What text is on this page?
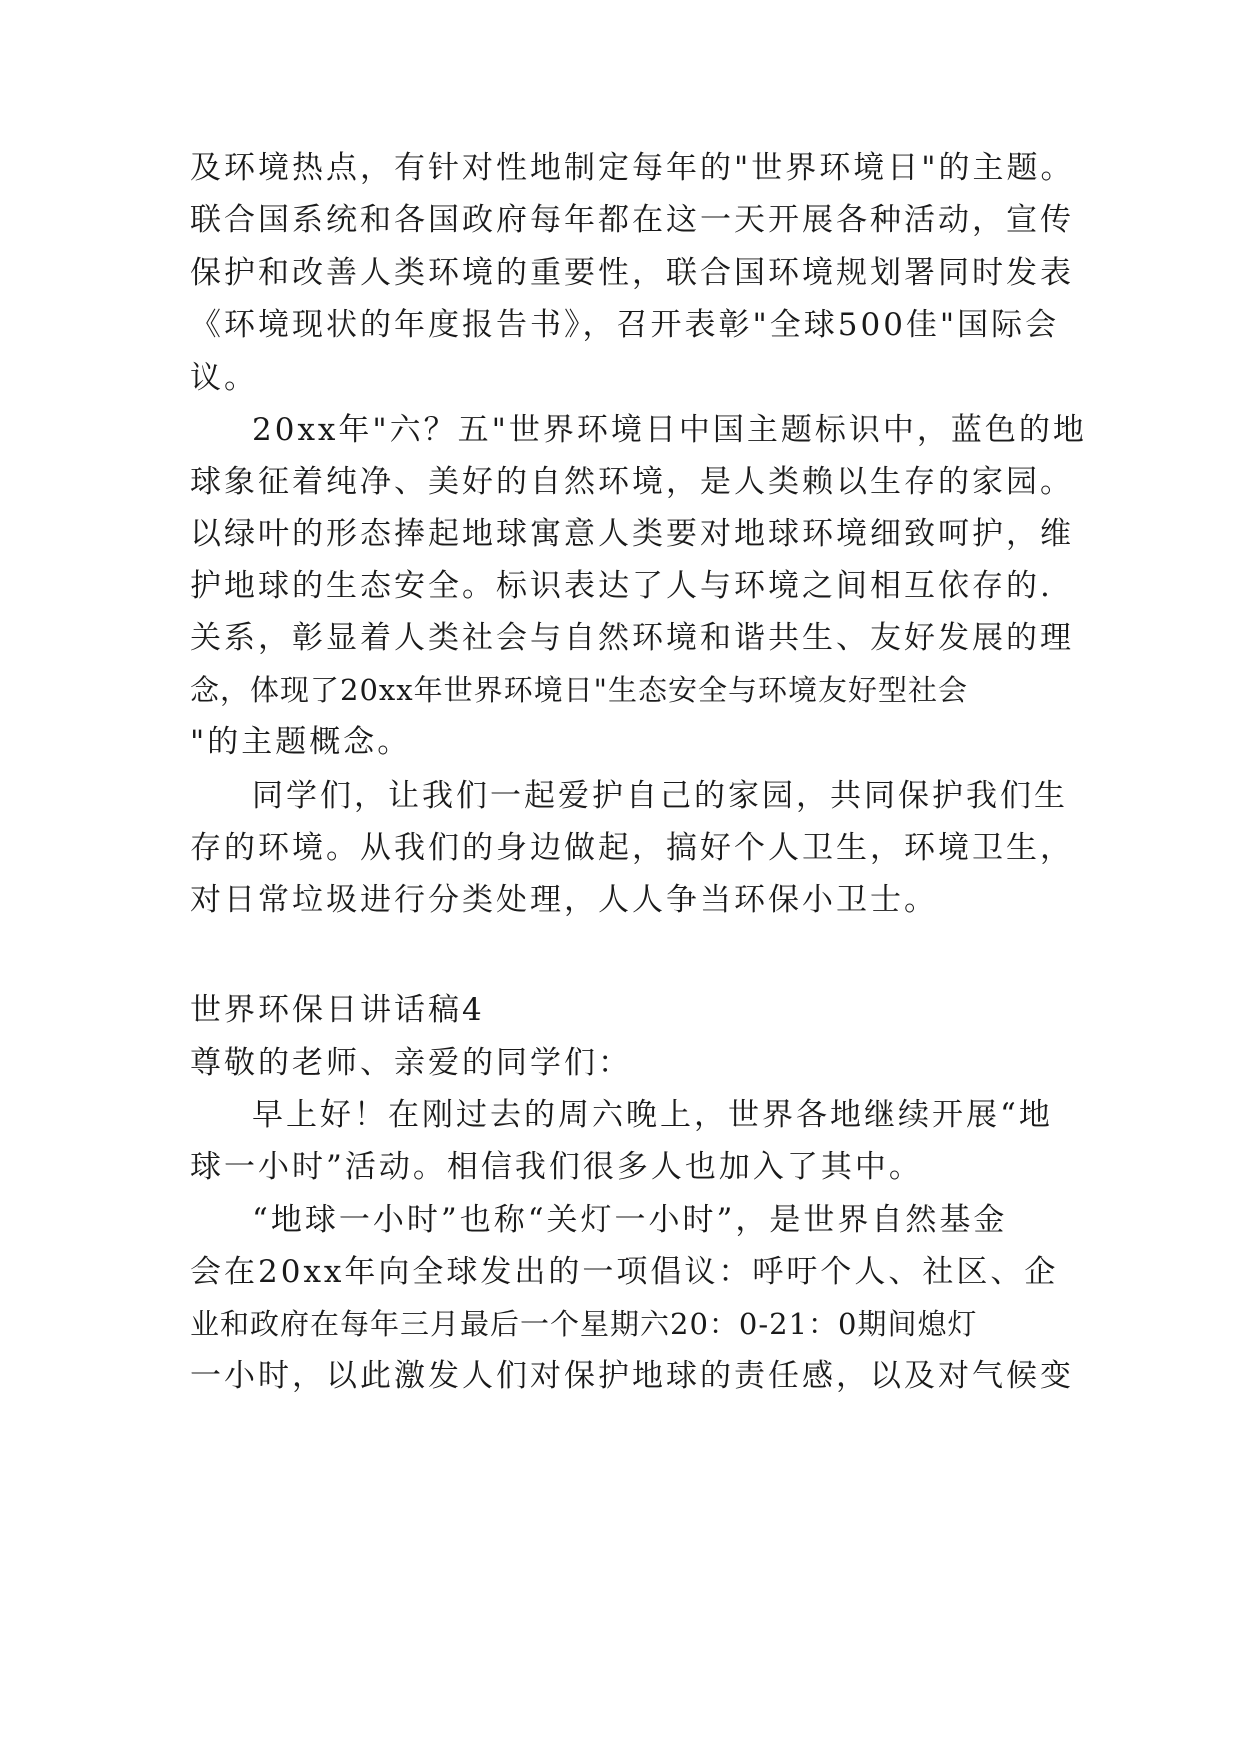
及环境热点，有针对性地制定每年的"世界环境日"的主题。
联合国系统和各国政府每年都在这一天开展各种活动，宣传
保护和改善人类环境的重要性，联合国环境规划署同时发表
《环境现状的年度报告书》，召开表彰"全球500佳"国际会
议。
20xx年"六？五"世界环境日中国主题标识中，蓝色的地
球象征着纯净、美好的自然环境，是人类赖以生存的家园。
以绿叶的形态捧起地球寓意人类要对地球环境细致呵护，维
护地球的生态安全。标识表达了人与环境之间相互依存的.
关系，彰显着人类社会与自然环境和谐共生、友好发展的理
念，体现了20xx年世界环境日"生态安全与环境友好型社会
"的主题概念。
同学们，让我们一起爱护自己的家园，共同保护我们生
存的环境。从我们的身边做起，搞好个人卫生，环境卫生，
对日常垃圾进行分类处理，人人争当环保小卫士。
世界环保日讲话稿4
尊敬的老师、亲爱的同学们：
早上好！在刚过去的周六晚上，世界各地继续开展“地
球一小时”活动。相信我们很多人也加入了其中。
“地球一小时”也称“关灯一小时”，是世界自然基金
会在20xx年向全球发出的一项倡议：呼吁个人、社区、企
业和政府在每年三月最后一个星期六20：0-21：0期间熄灯
一小时，以此激发人们对保护地球的责任感，以及对气候变
